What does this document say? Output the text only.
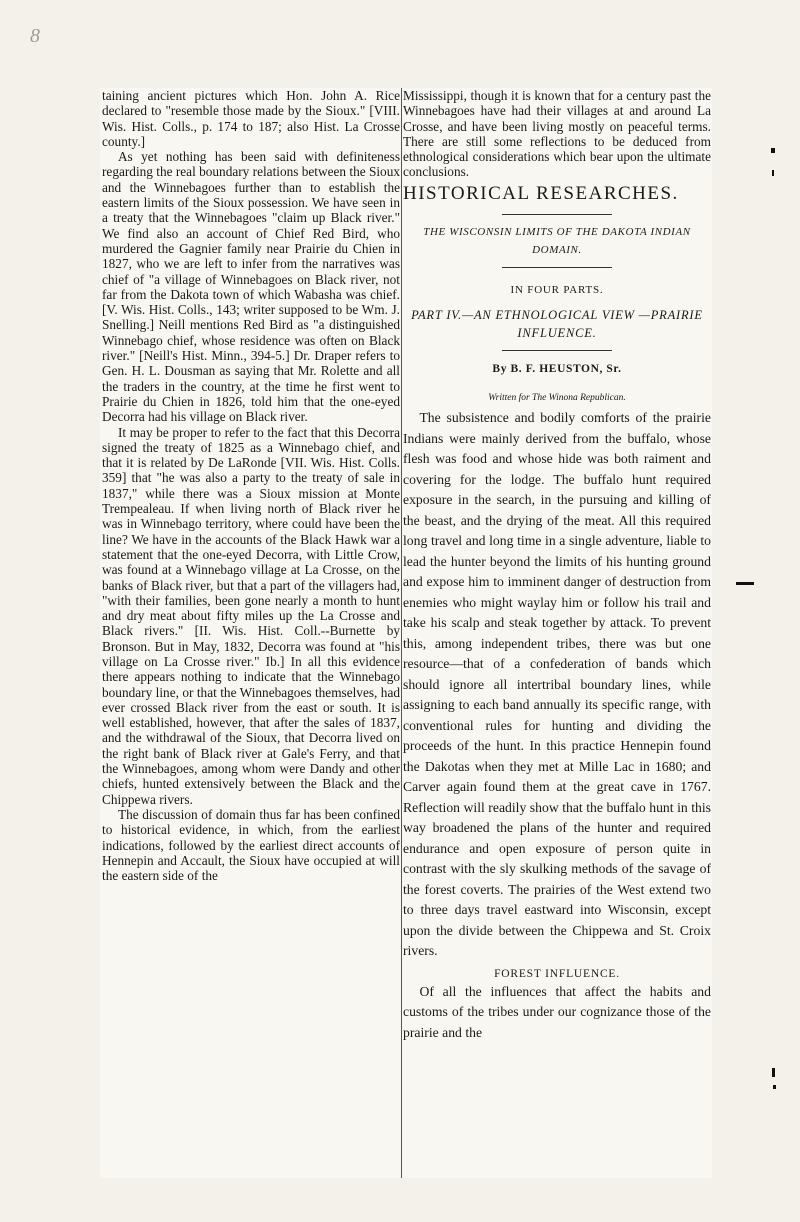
8

taining ancient pictures which Hon. John A. Rice declared to "resemble those made by the Sioux." [VIII. Wis. Hist. Colls., p. 174 to 187; also Hist. La Crosse county.]

As yet nothing has been said with definiteness regarding the real boundary relations between the Sioux and the Winnebagoes further than to establish the eastern limits of the Sioux possession. We have seen in a treaty that the Winnebagoes "claim up Black river." We find also an account of Chief Red Bird, who murdered the Gagnier family near Prairie du Chien in 1827, who we are left to infer from the narratives was chief of "a village of Winnebagoes on Black river, not far from the Dakota town of which Wabasha was chief. [V. Wis. Hist. Colls., 143; writer supposed to be Wm. J. Snelling.] Neill mentions Red Bird as "a distinguished Winnebago chief, whose residence was often on Black river." [Neill's Hist. Minn., 394-5.] Dr. Draper refers to Gen. H. L. Dousman as saying that Mr. Rolette and all the traders in the country, at the time he first went to Prairie du Chien in 1826, told him that the one-eyed Decorra had his village on Black river.

It may be proper to refer to the fact that this Decorra signed the treaty of 1825 as a Winnebago chief, and that it is related by De LaRonde [VII. Wis. Hist. Colls. 359] that "he was also a party to the treaty of sale in 1837," while there was a Sioux mission at Monte Trempealeau. If when living north of Black river he was in Winnebago territory, where could have been the line? We have in the accounts of the Black Hawk war a statement that the one-eyed Decorra, with Little Crow, was found at a Winnebago village at La Crosse, on the banks of Black river, but that a part of the villagers had, "with their families, been gone nearly a month to hunt and dry meat about fifty miles up the La Crosse and Black rivers." [II. Wis. Hist. Coll.--Burnette by Bronson. But in May, 1832, Decorra was found at "his village on La Crosse river." Ib.] In all this evidence there appears nothing to indicate that the Winnebago boundary line, or that the Winnebagoes themselves, had ever crossed Black river from the east or south. It is well established, however, that after the sales of 1837, and the withdrawal of the Sioux, that Decorra lived on the right bank of Black river at Gale's Ferry, and that the Winnebagoes, among whom were Dandy and other chiefs, hunted extensively between the Black and the Chippewa rivers.

The discussion of domain thus far has been confined to historical evidence, in which, from the earliest indications, followed by the earliest direct accounts of Hennepin and Accault, the Sioux have occupied at will the eastern side of the

Mississippi, though it is known that for a century past the Winnebagoes have had their villages at and around La Crosse, and have been living mostly on peaceful terms. There are still some reflections to be deduced from ethnological considerations which bear upon the ultimate conclusions.

HISTORICAL RESEARCHES.
THE WISCONSIN LIMITS OF THE DAKOTA INDIAN DOMAIN.
IN FOUR PARTS.
PART IV.—AN ETHNOLOGICAL VIEW —PRAIRIE INFLUENCE.
By B. F. HEUSTON, Sr.
Written for The Winona Republican.

The subsistence and bodily comforts of the prairie Indians were mainly derived from the buffalo, whose flesh was food and whose hide was both raiment and covering for the lodge. The buffalo hunt required exposure in the search, in the pursuing and killing of the beast, and the drying of the meat. All this required long travel and long time in a single adventure, liable to lead the hunter beyond the limits of his hunting ground and expose him to imminent danger of destruction from enemies who might waylay him or follow his trail and take his scalp and steak together by attack. To prevent this, among independent tribes, there was but one resource—that of a confederation of bands which should ignore all intertribal boundary lines, while assigning to each band annually its specific range, with conventional rules for hunting and dividing the proceeds of the hunt. In this practice Hennepin found the Dakotas when they met at Mille Lac in 1680; and Carver again found them at the great cave in 1767. Reflection will readily show that the buffalo hunt in this way broadened the plans of the hunter and required endurance and open exposure of person quite in contrast with the sly skulking methods of the savage of the forest coverts. The prairies of the West extend two to three days travel eastward into Wisconsin, except upon the divide between the Chippewa and St. Croix rivers.

FOREST INFLUENCE.

Of all the influences that affect the habits and customs of the tribes under our cognizance those of the prairie and the
